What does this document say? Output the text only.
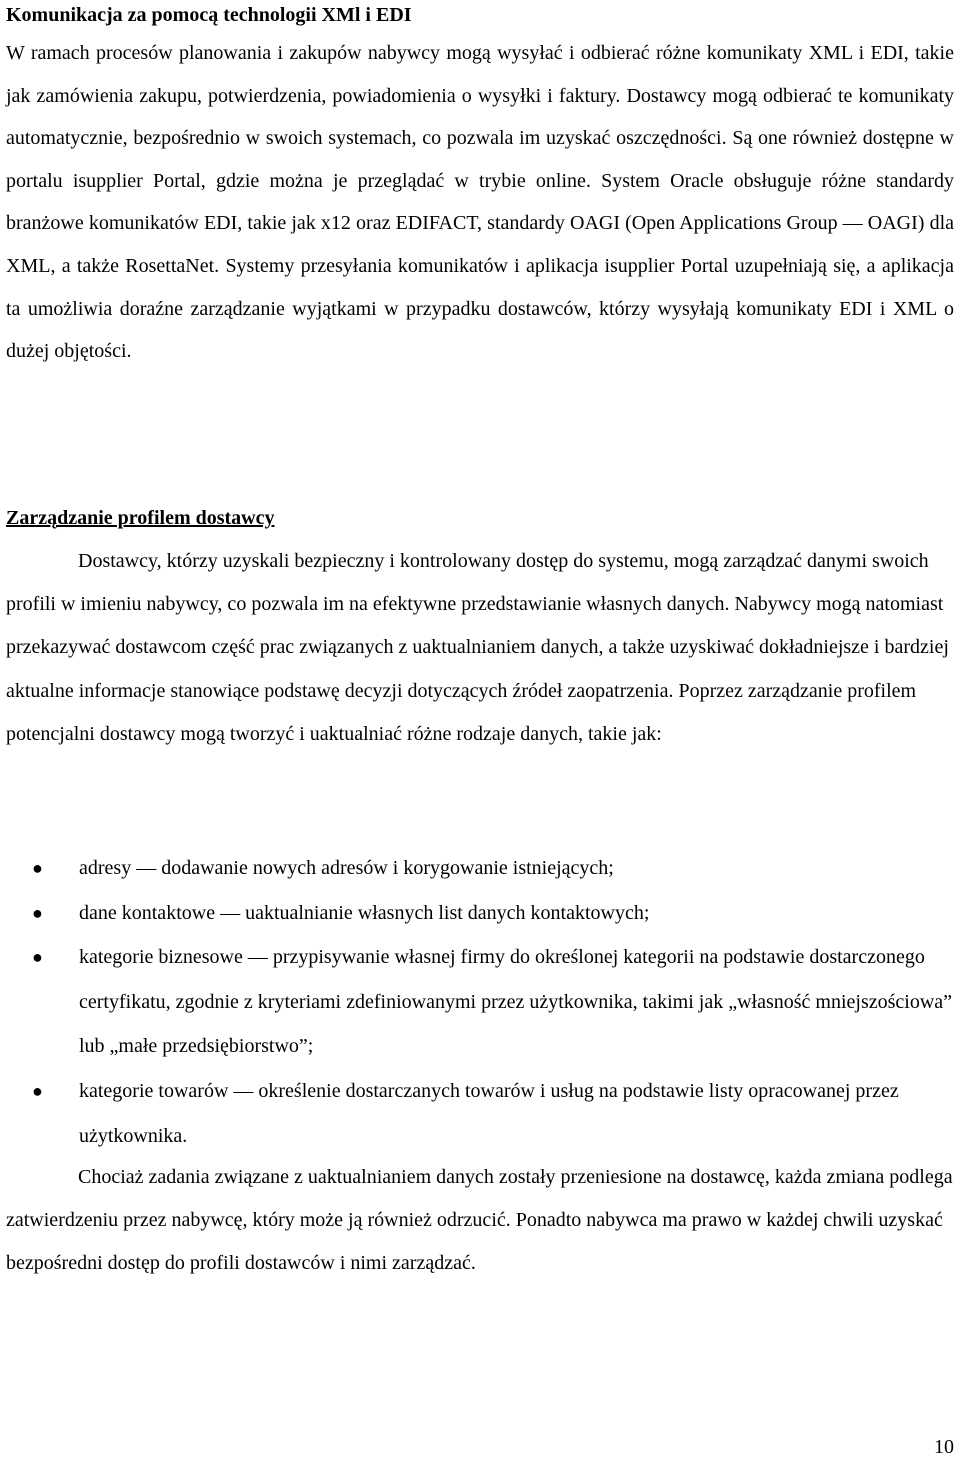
Komunikacja za pomocą technologii XMl i EDI

W ramach procesów planowania i zakupów nabywcy mogą wysyłać i odbierać różne komunikaty XML i EDI, takie jak zamówienia zakupu, potwierdzenia, powiadomienia o wysyłki i faktury. Dostawcy mogą odbierać te komunikaty automatycznie, bezpośrednio w swoich systemach, co pozwala im uzyskać oszczędności. Są one również dostępne w portalu isupplier Portal, gdzie można je przeglądać w trybie online. System Oracle obsługuje różne standardy branżowe komunikatów EDI, takie jak x12 oraz EDIFACT, standardy OAGI (Open Applications Group — OAGI) dla XML, a także RosettaNet. Systemy przesyłania komunikatów i aplikacja isupplier Portal uzupełniają się, a aplikacja ta umożliwia doraźne zarządzanie wyjątkami w przypadku dostawców, którzy wysyłają komunikaty EDI i XML o dużej objętości.

Zarządzanie profilem dostawcy

Dostawcy, którzy uzyskali bezpieczny i kontrolowany dostęp do systemu, mogą zarządzać danymi swoich profili w imieniu nabywcy, co pozwala im na efektywne przedstawianie własnych danych. Nabywcy mogą natomiast przekazywać dostawcom część prac związanych z uaktualnianiem danych, a także uzyskiwać dokładniejsze i bardziej aktualne informacje stanowiące podstawę decyzji dotyczących źródeł zaopatrzenia. Poprzez zarządzanie profilem potencjalni dostawcy mogą tworzyć i uaktualniać różne rodzaje danych, takie jak:

● adresy — dodawanie nowych adresów i korygowanie istniejących;
● dane kontaktowe — uaktualnianie własnych list danych kontaktowych;
● kategorie biznesowe — przypisywanie własnej firmy do określonej kategorii na podstawie dostarczonego certyfikatu, zgodnie z kryteriami zdefiniowanymi przez użytkownika, takimi jak „własność mniejszościowa” lub „małe przedsiębiorstwo”;
● kategorie towarów — określenie dostarczanych towarów i usług na podstawie listy opracowanej przez użytkownika.

Chociaż zadania związane z uaktualnianiem danych zostały przeniesione na dostawcę, każda zmiana podlega zatwierdzeniu przez nabywcę, który może ją również odrzucić. Ponadto nabywca ma prawo w każdej chwili uzyskać bezpośredni dostęp do profili dostawców i nimi zarządzać.

10
